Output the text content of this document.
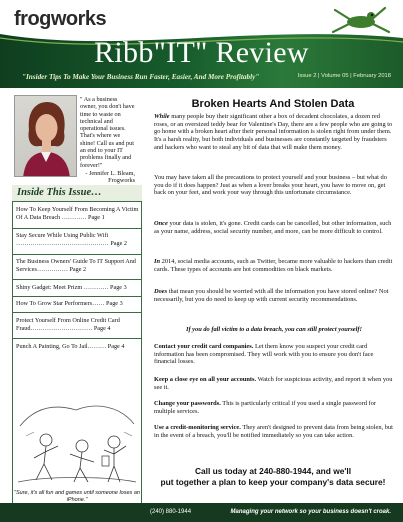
frogworks
Ribb"IT" Review
"Insider Tips To Make Your Business Run Faster, Easier, And More Profitably"	Issue 2 | Volume 05 | February 2018
" As a business owner, you don't have time to waste on technical and operational issues. That's where we shine! Call us and put an end to your IT problems finally and forever!"
- Jennifer L. Bleam, Frogworks
Inside This Issue…
How To Keep Yourself From Becoming A Victim Of A Data Breach ………… Page 1
Stay Secure While Using Public Wifi ……………………………………… Page 2
The Business Owners' Guide To IT Support And Services…………… Page 2
Shiny Gadget: Meet Prizm ………… Page 3
How To Grow Star Performers…… Page 3
Protect Yourself From Online Credit Card Fraud………………………… Page 4
Punch A Painting, Go To Jail……… Page 4
"Sure, it's all fun and games until someone loses an iPhone."
Broken Hearts And Stolen Data
While many people buy their significant other a box of decadent chocolates, a dozen red roses, or an oversized teddy bear for Valentine's Day, there are a few people who are going to go home with a broken heart after their personal information is stolen right from under them. It's a harsh reality, but both individuals and businesses are constantly targeted by fraudsters and hackers who want to steal any bit of data that will make them money.
You may have taken all the precautions to protect yourself and your business – but what do you do if it does happen? Just as when a lover breaks your heart, you have to move on, get back on your feet, and work your way through this unfortunate circumstance.
Once your data is stolen, it's gone. Credit cards can be cancelled, but other information, such as your name, address, social security number, and more, can be more difficult to control.
In 2014, social media accounts, such as Twitter, became more valuable to hackers than credit cards. These types of accounts are hot commodities on black markets.
Does that mean you should be worried with all the information you have stored online? Not necessarily, but you do need to keep up with current security recommendations.
If you do fall victim to a data breach, you can still protect yourself!
Contact your credit card companies. Let them know you suspect your credit card information has been compromised. They will work with you to ensure you don't face financial losses.
Keep a close eye on all your accounts. Watch for suspicious activity, and report it when you see it.
Change your passwords. This is particularly critical if you used a single password for multiple services.
Use a credit-monitoring service. They aren't designed to prevent data from being stolen, but in the event of a breach, you'll be notified immediately so you can take action.
Call us today at 240-880-1944, and we'll
put together a plan to keep your company's data secure!
(240) 880-1944	Managing your network so your business doesn't croak.
